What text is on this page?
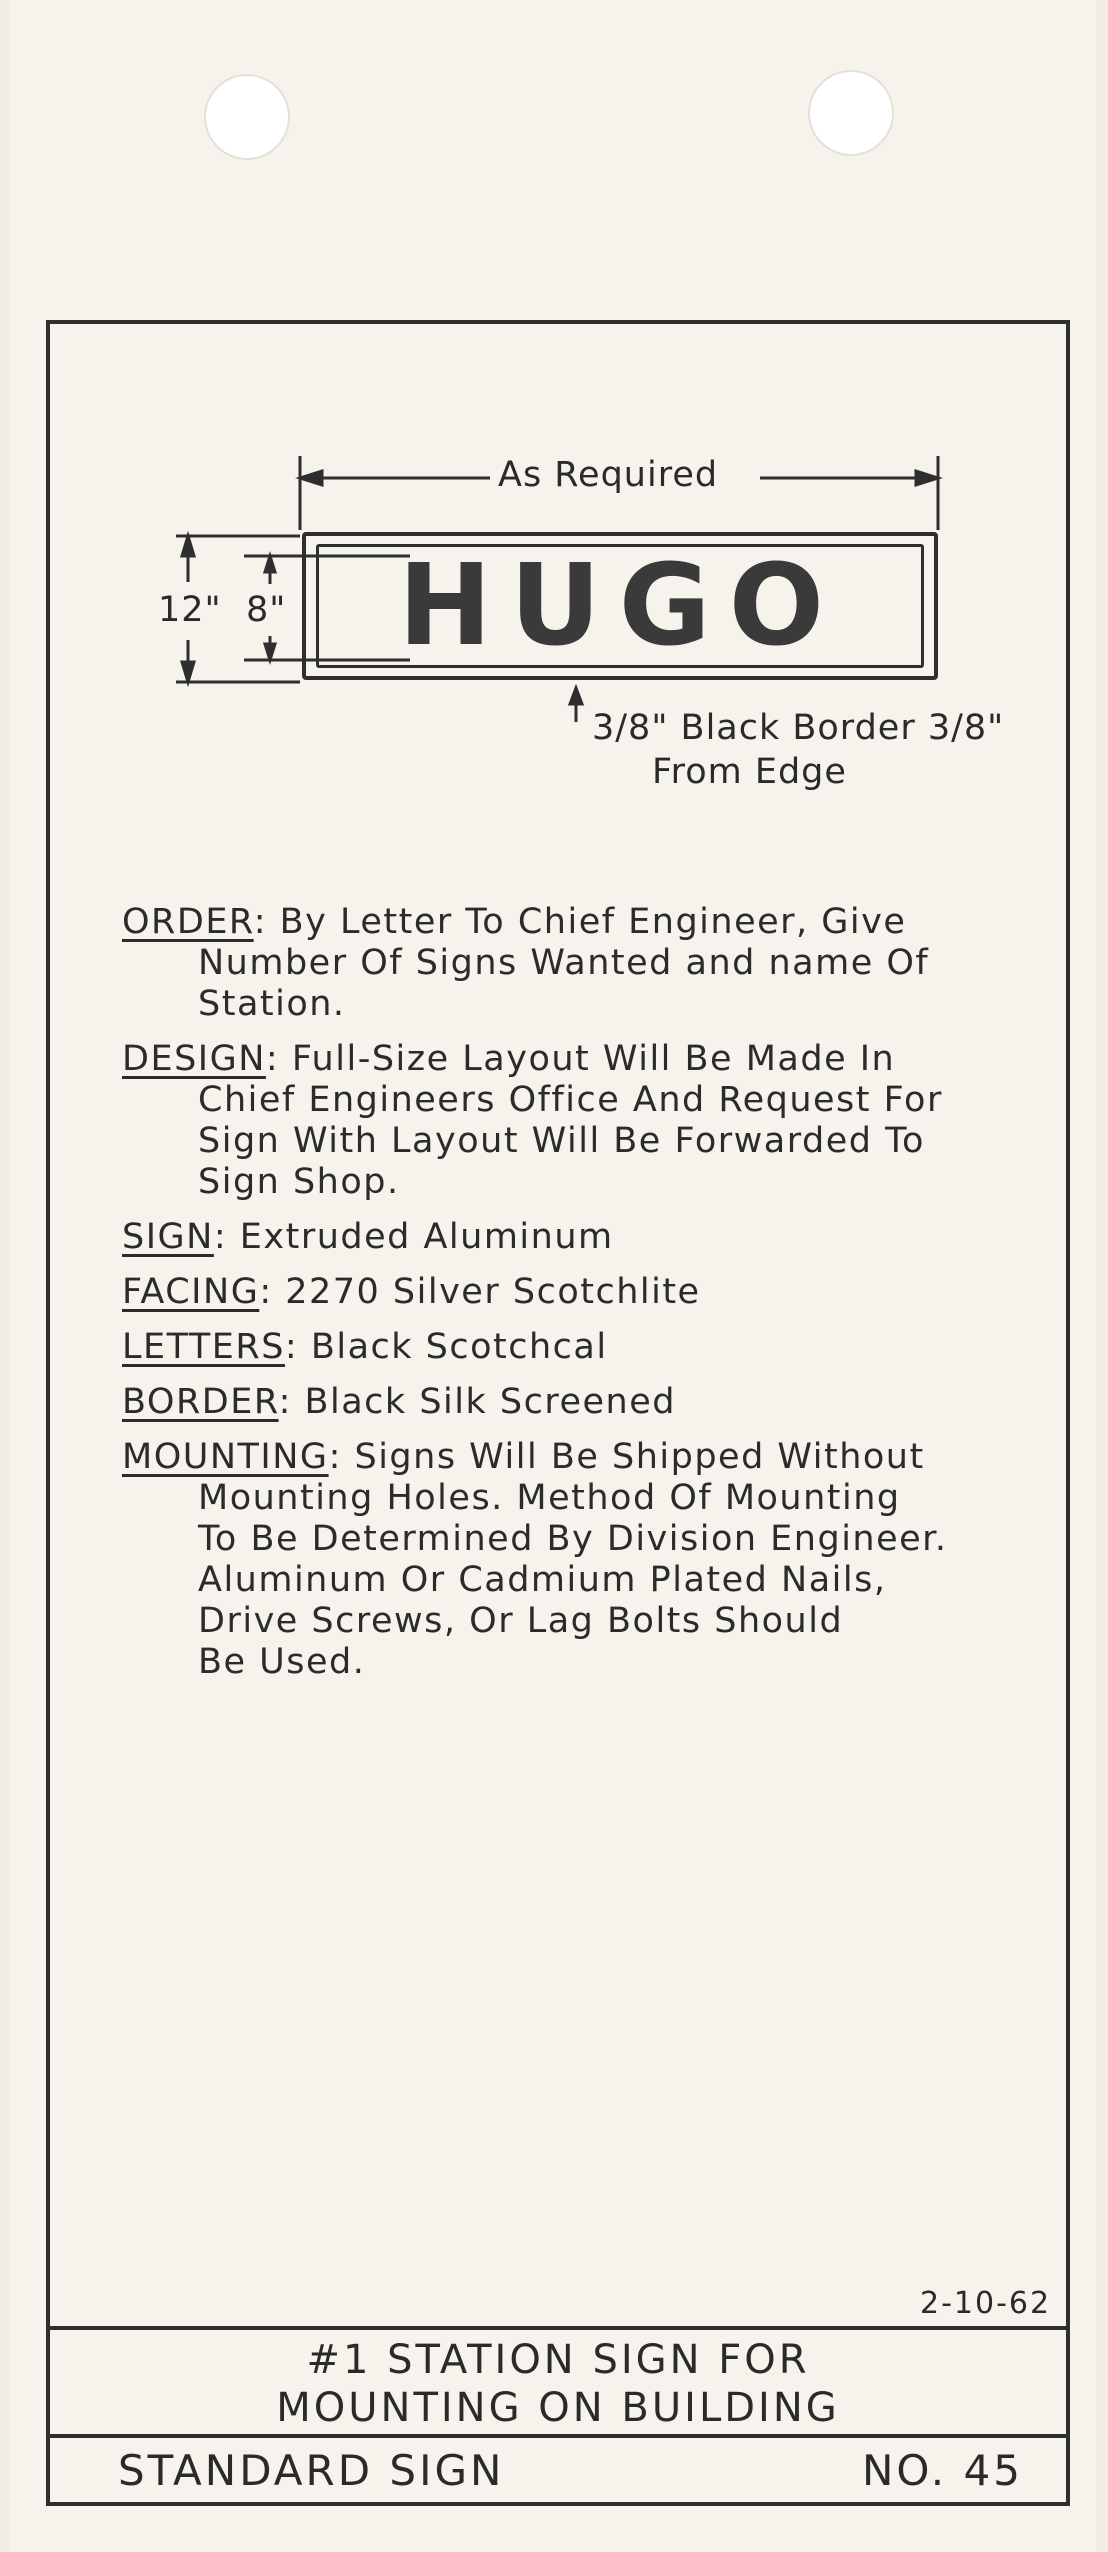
As Required
12" 8" HUGO
3/8" Black Border 3/8"
From Edge
ORDER: By Letter To Chief Engineer, Give
Number Of Signs Wanted and name Of
Station.
DESIGN: Full-Size Layout Will Be Made In
Chief Engineers Office And Request For
Sign With Layout Will Be Forwarded To
Sign Shop.
SIGN: Extruded Aluminum
FACING: 2270 Silver Scotchlite
LETTERS: Black Scotchcal
BORDER: Black Silk Screened
MOUNTING: Signs Will Be Shipped Without
Mounting Holes. Method Of Mounting
To Be Determined By Division Engineer.
Aluminum Or Cadmium Plated Nails,
Drive Screws, Or Lag Bolts Should
Be Used.
2-10-62
#1 STATION SIGN FOR
MOUNTING ON BUILDING
STANDARD SIGN	NO. 45
